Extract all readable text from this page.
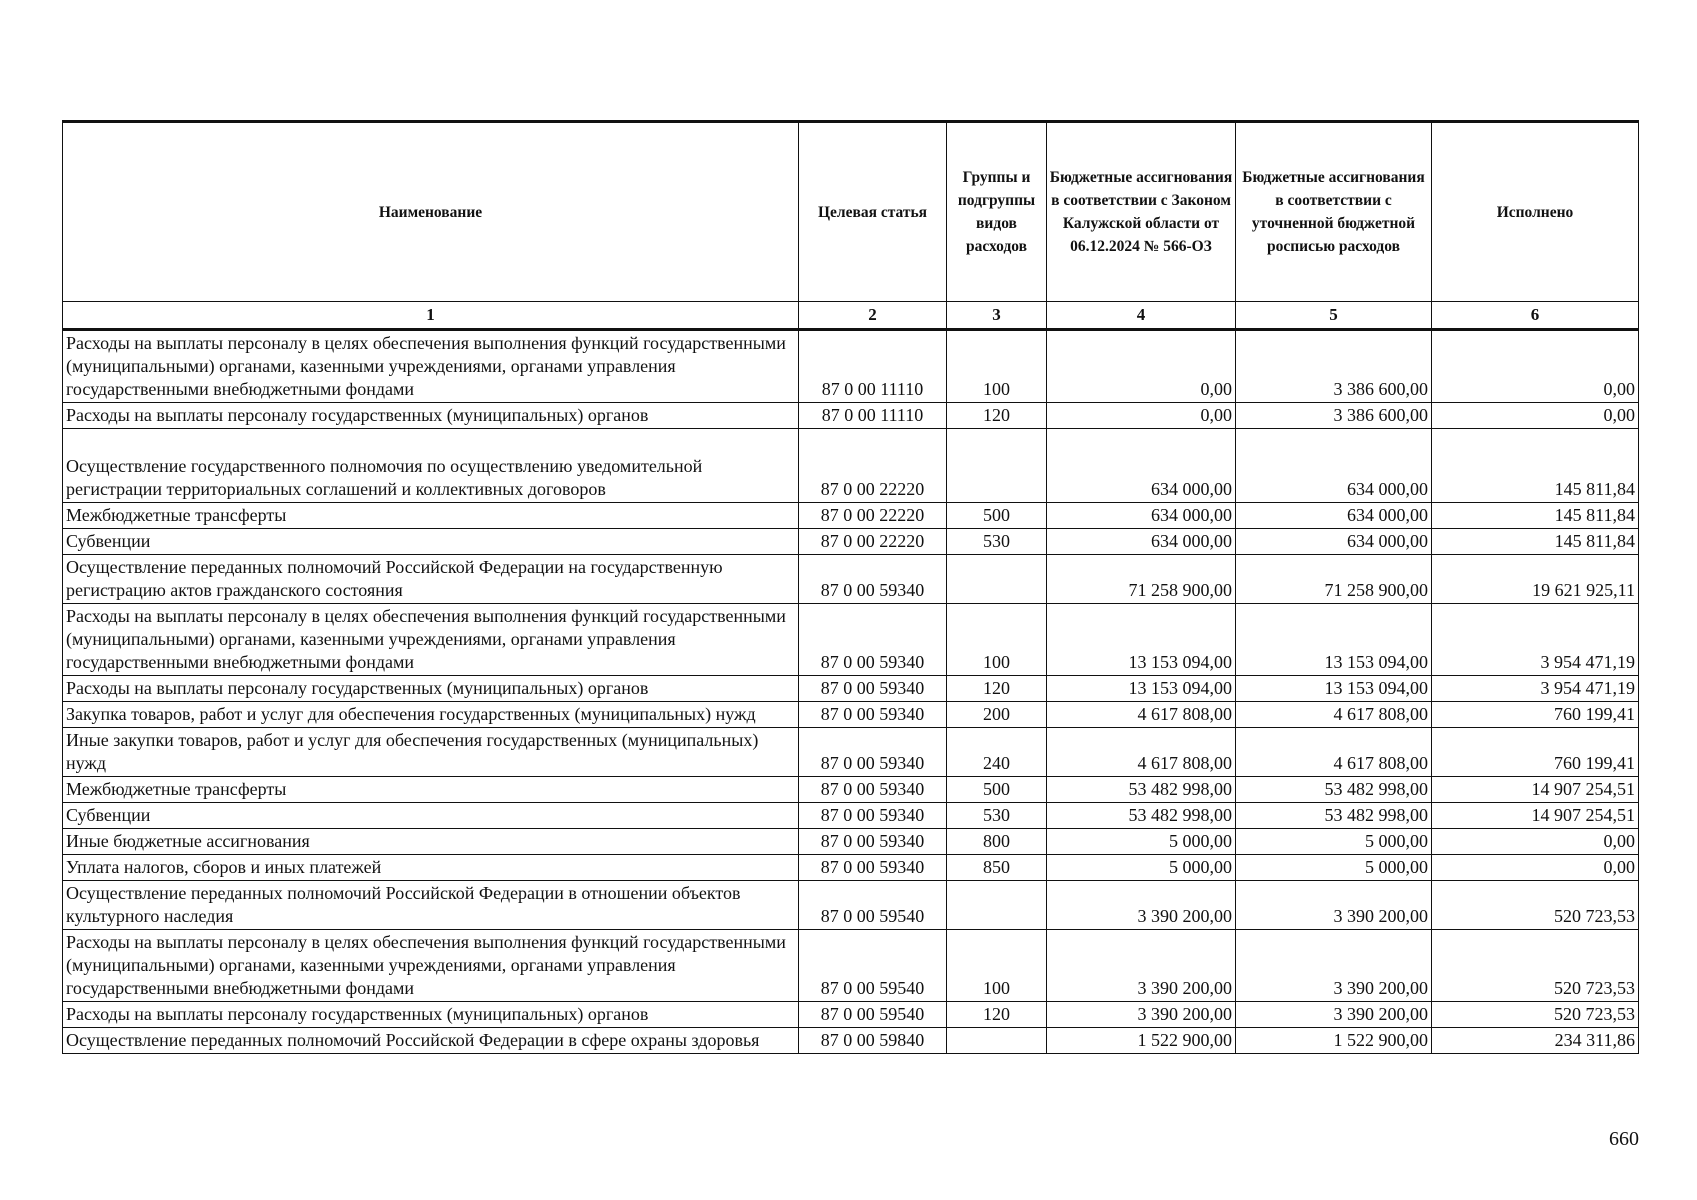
Наименование	Целевая статья	Группы и подгруппы видов расходов	Бюджетные ассигнования в соответствии с Законом Калужской области от 06.12.2024 № 566-ОЗ	Бюджетные ассигнования в соответствии с уточненной бюджетной росписью расходов	Исполнено
1	2	3	4	5	6
Расходы на выплаты персоналу в целях обеспечения выполнения функций государственными (муниципальными) органами, казенными учреждениями, органами управления государственными внебюджетными фондами	87 0 00 11110	100	0,00	3 386 600,00	0,00
Расходы на выплаты персоналу государственных (муниципальных) органов	87 0 00 11110	120	0,00	3 386 600,00	0,00
Осуществление государственного полномочия по осуществлению уведомительной регистрации территориальных соглашений и коллективных договоров	87 0 00 22220		634 000,00	634 000,00	145 811,84
Межбюджетные трансферты	87 0 00 22220	500	634 000,00	634 000,00	145 811,84
Субвенции	87 0 00 22220	530	634 000,00	634 000,00	145 811,84
Осуществление переданных полномочий Российской Федерации на государственную регистрацию актов гражданского состояния	87 0 00 59340		71 258 900,00	71 258 900,00	19 621 925,11
Расходы на выплаты персоналу в целях обеспечения выполнения функций государственными (муниципальными) органами, казенными учреждениями, органами управления государственными внебюджетными фондами	87 0 00 59340	100	13 153 094,00	13 153 094,00	3 954 471,19
Расходы на выплаты персоналу государственных (муниципальных) органов	87 0 00 59340	120	13 153 094,00	13 153 094,00	3 954 471,19
Закупка товаров, работ и услуг для обеспечения государственных (муниципальных) нужд	87 0 00 59340	200	4 617 808,00	4 617 808,00	760 199,41
Иные закупки товаров, работ и услуг для обеспечения государственных (муниципальных) нужд	87 0 00 59340	240	4 617 808,00	4 617 808,00	760 199,41
Межбюджетные трансферты	87 0 00 59340	500	53 482 998,00	53 482 998,00	14 907 254,51
Субвенции	87 0 00 59340	530	53 482 998,00	53 482 998,00	14 907 254,51
Иные бюджетные ассигнования	87 0 00 59340	800	5 000,00	5 000,00	0,00
Уплата налогов, сборов и иных платежей	87 0 00 59340	850	5 000,00	5 000,00	0,00
Осуществление переданных полномочий Российской Федерации в отношении объектов культурного наследия	87 0 00 59540		3 390 200,00	3 390 200,00	520 723,53
Расходы на выплаты персоналу в целях обеспечения выполнения функций государственными (муниципальными) органами, казенными учреждениями, органами управления государственными внебюджетными фондами	87 0 00 59540	100	3 390 200,00	3 390 200,00	520 723,53
Расходы на выплаты персоналу государственных (муниципальных) органов	87 0 00 59540	120	3 390 200,00	3 390 200,00	520 723,53
Осуществление переданных полномочий Российской Федерации в сфере охраны здоровья	87 0 00 59840		1 522 900,00	1 522 900,00	234 311,86
660
